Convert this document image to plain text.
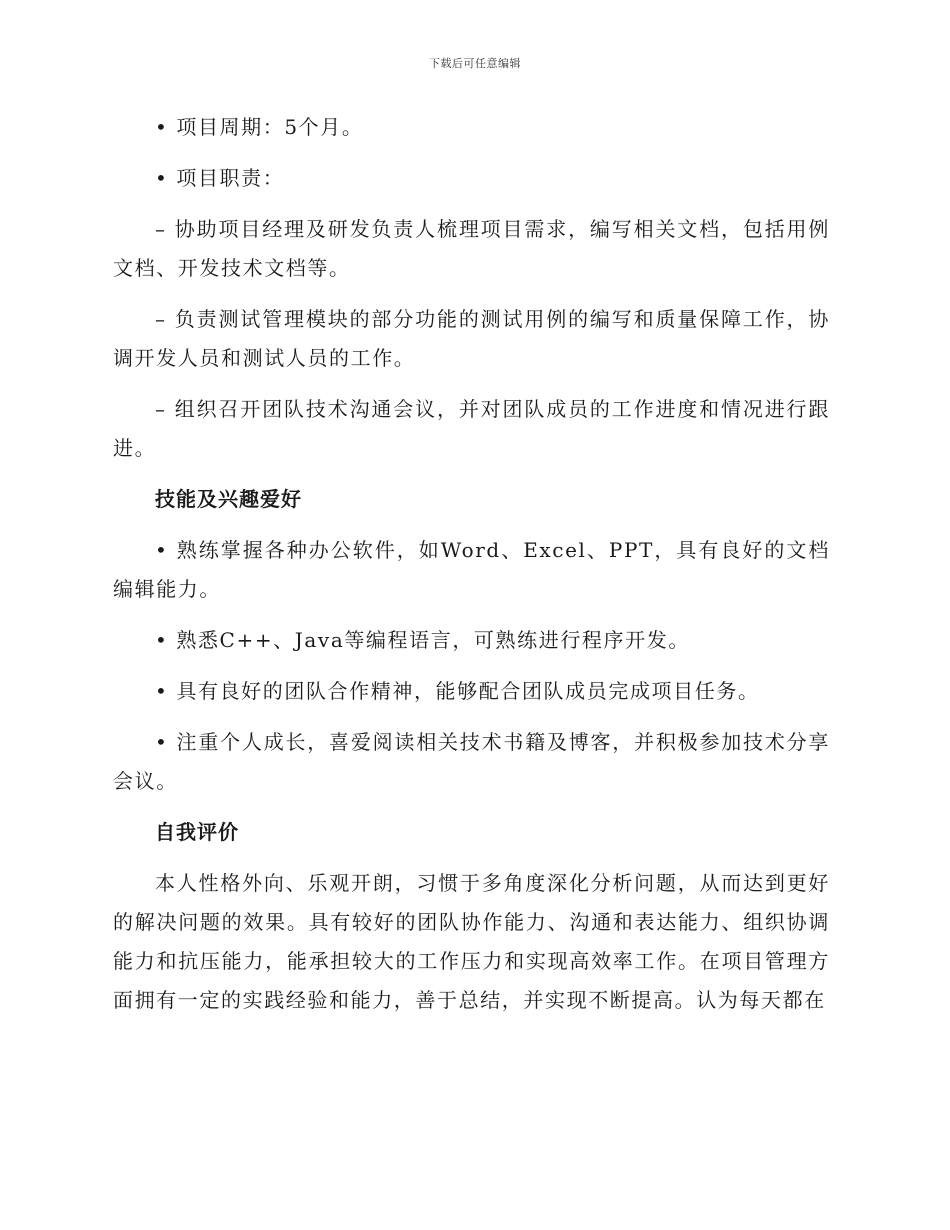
下载后可任意编辑

• 项目周期：5个月。

• 项目职责：

– 协助项目经理及研发负责人梳理项目需求，编写相关文档，包括用例文档、开发技术文档等。

– 负责测试管理模块的部分功能的测试用例的编写和质量保障工作，协调开发人员和测试人员的工作。

– 组织召开团队技术沟通会议，并对团队成员的工作进度和情况进行跟进。

技能及兴趣爱好

• 熟练掌握各种办公软件，如Word、Excel、PPT，具有良好的文档编辑能力。

• 熟悉C++、Java等编程语言，可熟练进行程序开发。

• 具有良好的团队合作精神，能够配合团队成员完成项目任务。

• 注重个人成长，喜爱阅读相关技术书籍及博客，并积极参加技术分享会议。

自我评价

本人性格外向、乐观开朗，习惯于多角度深化分析问题，从而达到更好的解决问题的效果。具有较好的团队协作能力、沟通和表达能力、组织协调能力和抗压能力，能承担较大的工作压力和实现高效率工作。在项目管理方面拥有一定的实践经验和能力，善于总结，并实现不断提高。认为每天都在
